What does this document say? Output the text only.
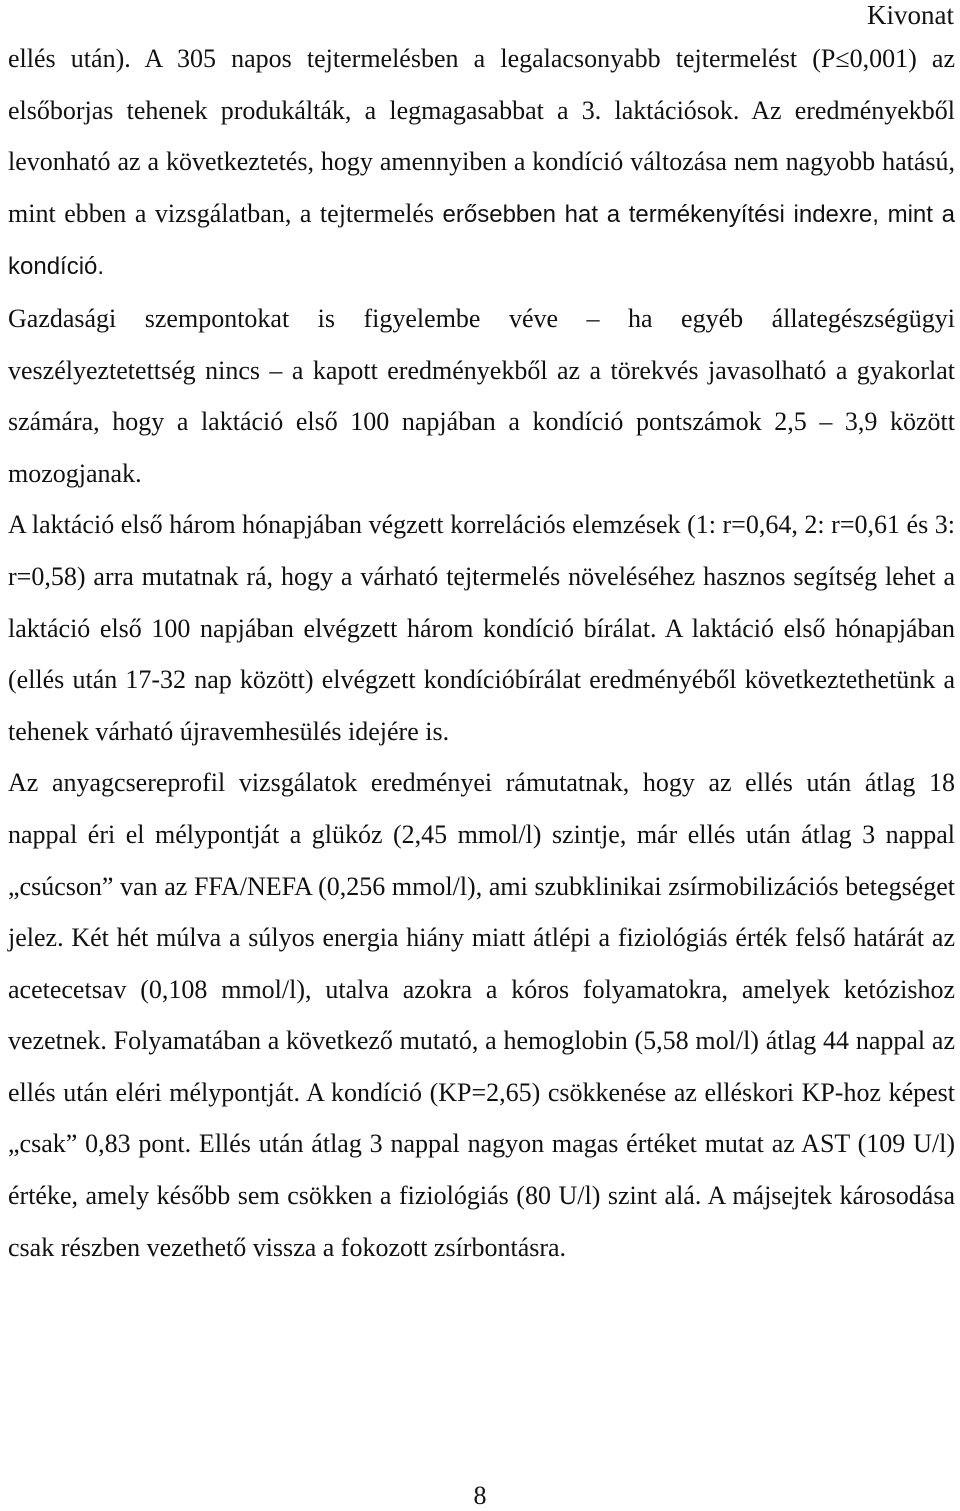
Kivonat

ellés után). A 305 napos tejtermelésben a legalacsonyabb tejtermelést (P≤0,001) az elsőborjas tehenek produkálták, a legmagasabbat a 3. laktációsok. Az eredményekből levonható az a következtetés, hogy amennyiben a kondíció változása nem nagyobb hatású, mint ebben a vizsgálatban, a tejtermelés erősebben hat a termékenyítési indexre, mint a kondíció.

Gazdasági szempontokat is figyelembe véve – ha egyéb állategészségügyi veszélyeztetettség nincs – a kapott eredményekből az a törekvés javasolható a gyakorlat számára, hogy a laktáció első 100 napjában a kondíció pontszámok 2,5 – 3,9 között mozogjanak.

A laktáció első három hónapjában végzett korrelációs elemzések (1: r=0,64, 2: r=0,61 és 3: r=0,58) arra mutatnak rá, hogy a várható tejtermelés növeléséhez hasznos segítség lehet a laktáció első 100 napjában elvégzett három kondíció bírálat. A laktáció első hónapjában (ellés után 17-32 nap között) elvégzett kondícióbírálat eredményéből következtethetünk a tehenek várható újravemhesülés idejére is.

Az anyagcsereprofil vizsgálatok eredményei rámutatnak, hogy az ellés után átlag 18 nappal éri el mélypontját a glükóz (2,45 mmol/l) szintje, már ellés után átlag 3 nappal „csúcson” van az FFA/NEFA (0,256 mmol/l), ami szubklinikai zsírmobilizációs betegséget jelez. Két hét múlva a súlyos energia hiány miatt átlépi a fiziológiás érték felső határát az acetecetsav (0,108 mmol/l), utalva azokra a kóros folyamatokra, amelyek ketózishoz vezetnek. Folyamatában a következő mutató, a hemoglobin (5,58 mol/l) átlag 44 nappal az ellés után eléri mélypontját. A kondíció (KP=2,65) csökkenése az elléskori KP-hoz képest „csak” 0,83 pont. Ellés után átlag 3 nappal nagyon magas értéket mutat az AST (109 U/l) értéke, amely később sem csökken a fiziológiás (80 U/l) szint alá. A májsejtek károsodása csak részben vezethető vissza a fokozott zsírbontásra.

8
